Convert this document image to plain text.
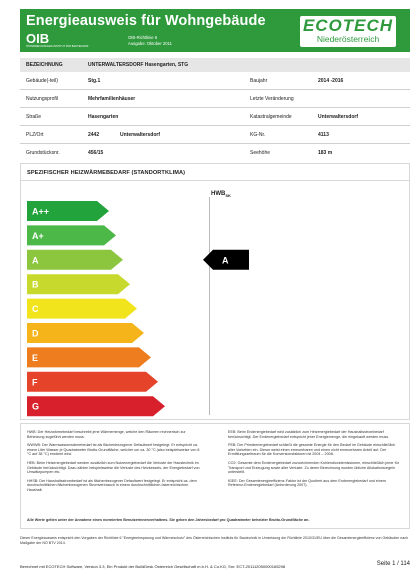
Energieausweis für Wohngebäude
OIB
ÖSTERREICHISCHES INSTITUT FÜR BAUTECHNIK
OIB-Richtlinie 6
Ausgabe: Oktober 2011
ECOTECH
Niederösterreich
BEZEICHNUNG	UNTERWALTERSDORF Hasengarten, STG
Gebäude(-teil)	Stg.1	Baujahr	2014 -2016
Nutzungsprofil	Mehrfamilienhäuser	Letzte Veränderung
Straße	Hasengarten	Katastralgemeinde	Unterwaltersdorf
PLZ/Ort	2442	Unterwaltersdorf	KG-Nr.	4113
Grundstücksnr.	456/15	Seehöhe	183 m
SPEZIFISCHER HEIZWÄRMEBEDARF (STANDORTKLIMA)
$HWB_{SK}$
A++
A+
A
B
C
D
E
F
G
A

HWB: Der Heizwärmebedarf beschreibt jene Wärmemenge, welche den Räumen rechnerisch zur Beheizung zugeführt werden muss.

WWWB: Der Warmwasserwärmebedarf ist als flächenbezogener Defaultwert festgelegt. Er entspricht ca. einem Liter Wasser je Quadratmeter Brutto-Grundfläche, welcher um ca. 30 °C (also beispielsweise von 8 °C auf 38 °C) erwärmt wird.

HEB: Beim Heizenergiebedarf werden zusätzlich zum Nutzenergiebedarf die Verluste der Haustechnik im Gebäude berücksichtigt. Dazu zählen beispielsweise die Verluste des Heizkessels, der Energiebedarf von Umwälzpumpen etc.

HHSB: Der Haushaltsstrombedarf ist als flächenbezogener Defaultwert festgelegt. Er entspricht ca. dem durchschnittlichen flächenbezogenen Stromverbrauch in einem durchschnittlichen österreichischen Haushalt.

EEB: Beim Endenergiebedarf wird zusätzlich zum Heizenergiebedarf der Haushaltsstrombedarf berücksichtigt. Der Endenergiebedarf entspricht jener Energiemenge, die eingekauft werden muss.

PEB: Der Primärenergiebedarf schließt die gesamte Energie für den Bedarf im Gebäude einschließlich aller Vorketten ein. Dieser weist einen erneuerbaren und einen nicht erneuerbaren Anteil auf. Der Ermittlungszeitraum für die Konversionsfaktoren ist 2004 – 2008.

CO2: Gesamte dem Endenergiebedarf zuzurechnenden Kohlendioxidemissionen, einschließlich jener für Transport und Erzeugung sowie aller Verluste. Zu deren Berechnung wurden übliche Allokationsregeln unterstellt.

fGEE: Der Gesamtenergieeffizienz-Faktor ist der Quotient aus dem Endenergiebedarf und einem Referenz-Endenergiebedarf (Anforderung 2007).

Alle Werte gelten unter der Annahme eines normierten Benutzerinnenverhaltens. Sie geben den Jahresbedarf pro Quadratmeter beheizter Brutto-Grundfläche an.
Dieser Energieausweis entspricht den Vorgaben der Richtlinie 6 "Energieeinsparung und Wärmeschutz" des Österreichischen Instituts für Bautechnik in Umsetzung der Richtlinie 2010/31/EU über die Gesamtenergieeffizienz von Gebäuden nach Maßgabe der NÖ BTV 2014.
Berechnet mit ECOTECH Software, Version 3.3, Ein Produkt der BuildDesk Österreich Gesellschaft m.b.H. & Co.KG, Snr: ECT-201112050000165298	Seite 1 / 114
